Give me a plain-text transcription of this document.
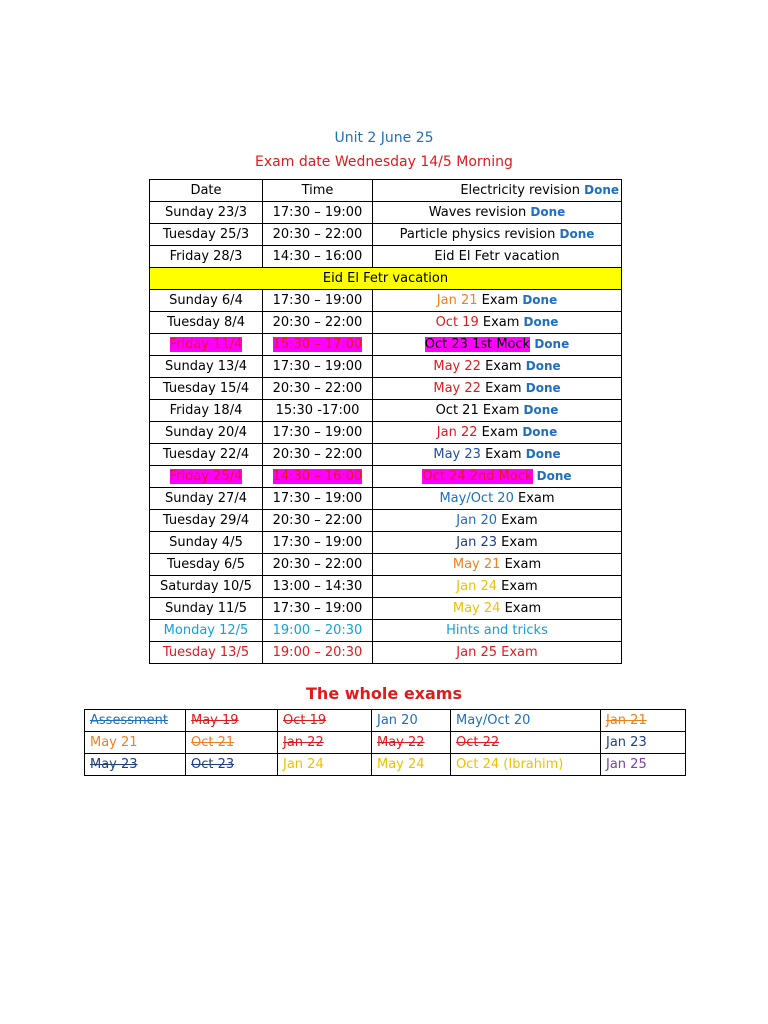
Unit 2 June 25
Exam date Wednesday 14/5 Morning
Date	Time	Electricity revision Done
Sunday 23/3	17:30 – 19:00	Waves revision Done
Tuesday 25/3	20:30 – 22:00	Particle physics revision Done
Friday 28/3	14:30 – 16:00	Eid El Fetr vacation
Eid El Fetr vacation		
Sunday 6/4	17:30 – 19:00	Jan 21 Exam Done
Tuesday 8/4	20:30 – 22:00	Oct 19 Exam Done
Friday 11/4	15:30 – 17:00	Oct 23 1st Mock Done
Sunday 13/4	17:30 – 19:00	May 22 Exam Done
Tuesday 15/4	20:30 – 22:00	May 22 Exam Done
Friday 18/4	15:30 -17:00	Oct 21 Exam Done
Sunday 20/4	17:30 – 19:00	Jan 22 Exam Done
Tuesday 22/4	20:30 – 22:00	May 23 Exam Done
Friday 25/4	14:30 – 16:00	Oct 24 2nd Mock Done
Sunday 27/4	17:30 – 19:00	May/Oct 20 Exam
Tuesday 29/4	20:30 – 22:00	Jan 20 Exam
Sunday 4/5	17:30 – 19:00	Jan 23 Exam
Tuesday 6/5	20:30 – 22:00	May 21 Exam
Saturday 10/5	13:00 – 14:30	Jan 24 Exam
Sunday 11/5	17:30 – 19:00	May 24 Exam
Monday 12/5	19:00 – 20:30	Hints and tricks
Tuesday 13/5	19:00 – 20:30	Jan 25 Exam
The whole exams
Assessment	May 19	Oct 19	Jan 20	May/Oct 20	Jan 21
May 21	Oct 21	Jan 22	May 22	Oct 22	Jan 23
May 23	Oct 23	Jan 24	May 24	Oct 24 (Ibrahim)	Jan 25
